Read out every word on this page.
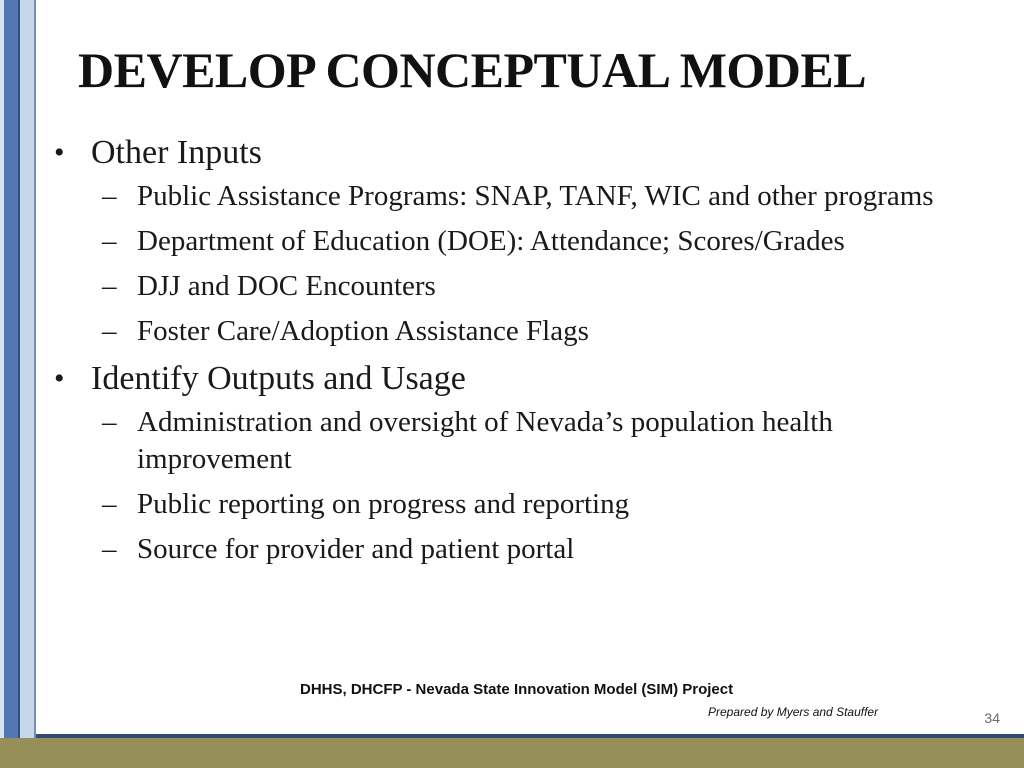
DEVELOP CONCEPTUAL MODEL
• Other Inputs
– Public Assistance Programs: SNAP, TANF, WIC and other programs
– Department of Education (DOE): Attendance; Scores/Grades
– DJJ and DOC Encounters
– Foster Care/Adoption Assistance Flags
• Identify Outputs and Usage
– Administration and oversight of Nevada’s population health improvement
– Public reporting on progress and reporting
– Source for provider and patient portal
DHHS, DHCFP - Nevada State Innovation Model (SIM) Project
Prepared by Myers and Stauffer	34
